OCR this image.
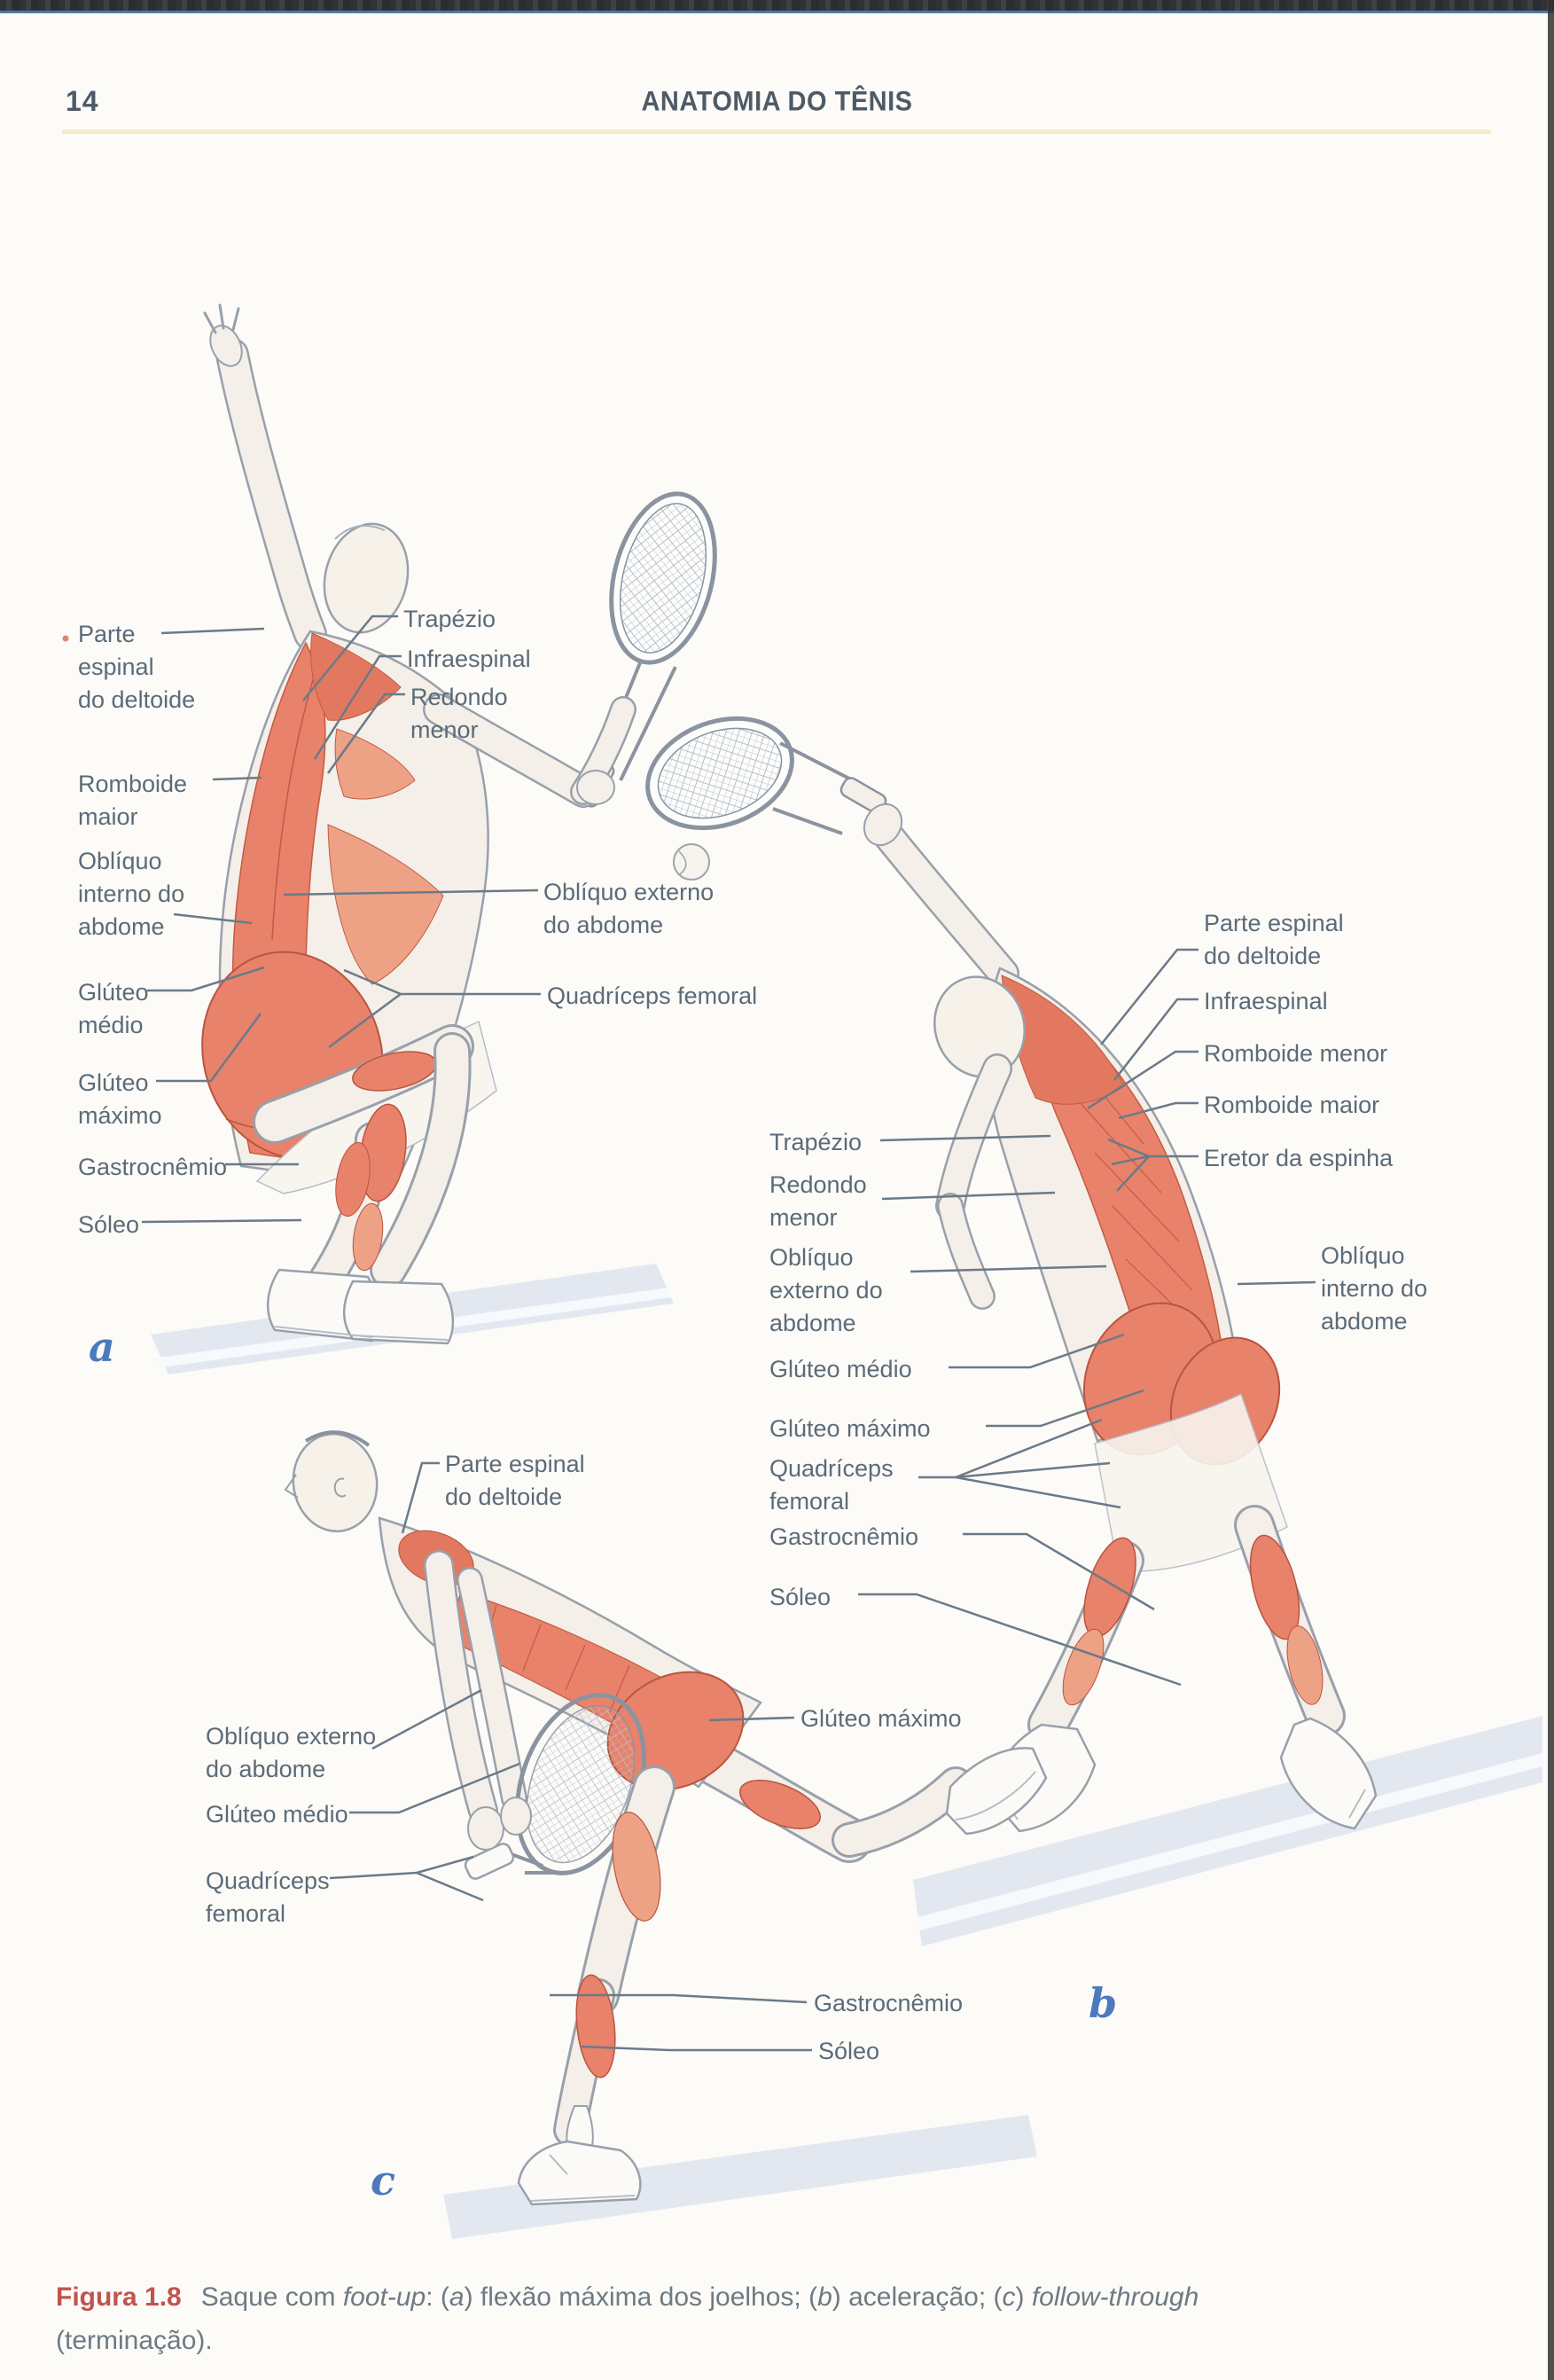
14	ANATOMIA DO TÊNIS
Parte
espinal
do deltoide
Romboide
maior
Oblíquo
interno do
abdome
Glúteo
médio
Glúteo
máximo
Gastrocnêmio
Sóleo
Trapézio
Infraespinal
Redondo
menor
Oblíquo externo
do abdome
Quadríceps femoral
a
Trapézio
Redondo
menor
Oblíquo
externo do
abdome
Glúteo médio
Glúteo máximo
Quadríceps
femoral
Gastrocnêmio
Sóleo
Parte espinal
do deltoide
Infraespinal
Romboide menor
Romboide maior
Eretor da espinha
Oblíquo
interno do
abdome
b
Parte espinal
do deltoide
Oblíquo externo
do abdome
Glúteo médio
Quadríceps
femoral
Glúteo máximo
Gastrocnêmio
Sóleo
c
Figura 1.8 Saque com foot-up: (a) flexão máxima dos joelhos; (b) aceleração; (c) follow-through
(terminação).
